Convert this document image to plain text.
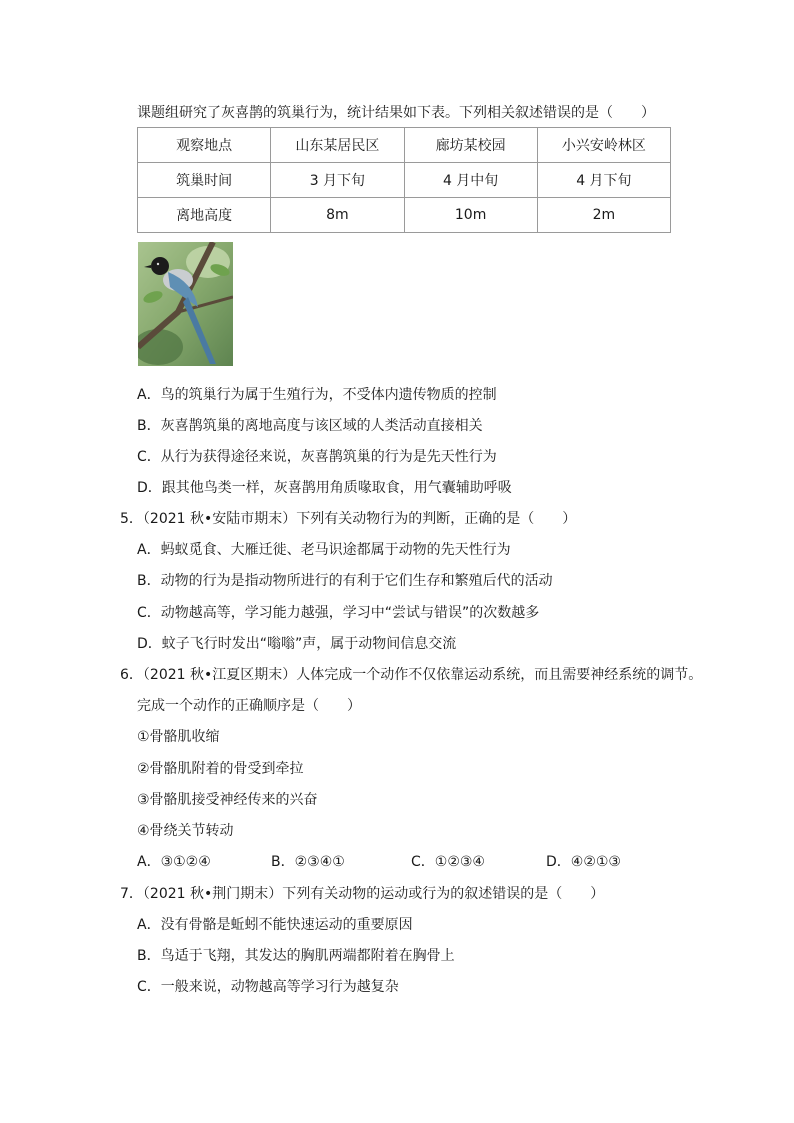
课题组研究了灰喜鹊的筑巢行为，统计结果如下表。下列相关叙述错误的是（　　）
观察地点	山东某居民区	廊坊某校园	小兴安岭林区
筑巢时间	3 月下旬	4 月中旬	4 月下旬
离地高度	8m	10m	2m
A．鸟的筑巢行为属于生殖行为，不受体内遗传物质的控制
B．灰喜鹊筑巢的离地高度与该区域的人类活动直接相关
C．从行为获得途径来说，灰喜鹊筑巢的行为是先天性行为
D．跟其他鸟类一样，灰喜鹊用角质喙取食，用气囊辅助呼吸
5．（2021 秋•安陆市期末）下列有关动物行为的判断，正确的是（　　）
A．蚂蚁觅食、大雁迁徙、老马识途都属于动物的先天性行为
B．动物的行为是指动物所进行的有利于它们生存和繁殖后代的活动
C．动物越高等，学习能力越强，学习中“尝试与错误”的次数越多
D．蚊子飞行时发出“嗡嗡”声，属于动物间信息交流
6．（2021 秋•江夏区期末）人体完成一个动作不仅依靠运动系统，而且需要神经系统的调节。
完成一个动作的正确顺序是（　　）
①骨骼肌收缩
②骨骼肌附着的骨受到牵拉
③骨骼肌接受神经传来的兴奋
④骨绕关节转动
A．③①②④	B．②③④①	C．①②③④	D．④②①③
7．（2021 秋•荆门期末）下列有关动物的运动或行为的叙述错误的是（　　）
A．没有骨骼是蚯蚓不能快速运动的重要原因
B．鸟适于飞翔，其发达的胸肌两端都附着在胸骨上
C．一般来说，动物越高等学习行为越复杂
